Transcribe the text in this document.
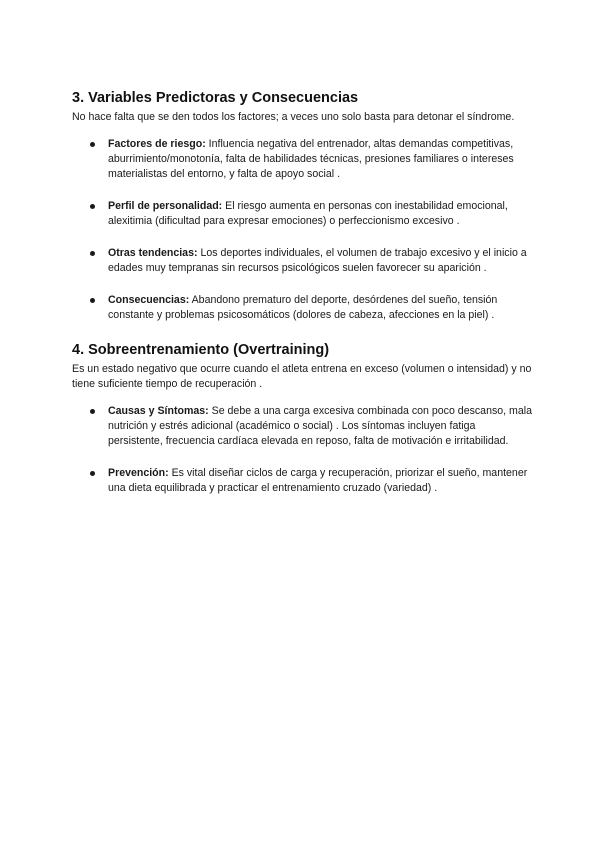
3. Variables Predictoras y Consecuencias

No hace falta que se den todos los factores; a veces uno solo basta para detonar el síndrome.

Factores de riesgo: Influencia negativa del entrenador, altas demandas competitivas, aburrimiento/monotonía, falta de habilidades técnicas, presiones familiares o intereses materialistas del entorno, y falta de apoyo social .
Perfil de personalidad: El riesgo aumenta en personas con inestabilidad emocional, alexitimia (dificultad para expresar emociones) o perfeccionismo excesivo .
Otras tendencias: Los deportes individuales, el volumen de trabajo excesivo y el inicio a edades muy tempranas sin recursos psicológicos suelen favorecer su aparición .
Consecuencias: Abandono prematuro del deporte, desórdenes del sueño, tensión constante y problemas psicosomáticos (dolores de cabeza, afecciones en la piel) .
4. Sobreentrenamiento (Overtraining)

Es un estado negativo que ocurre cuando el atleta entrena en exceso (volumen o intensidad) y no tiene suficiente tiempo de recuperación .

Causas y Síntomas: Se debe a una carga excesiva combinada con poco descanso, mala nutrición y estrés adicional (académico o social) . Los síntomas incluyen fatiga persistente, frecuencia cardíaca elevada en reposo, falta de motivación e irritabilidad.
Prevención: Es vital diseñar ciclos de carga y recuperación, priorizar el sueño, mantener una dieta equilibrada y practicar el entrenamiento cruzado (variedad) .
